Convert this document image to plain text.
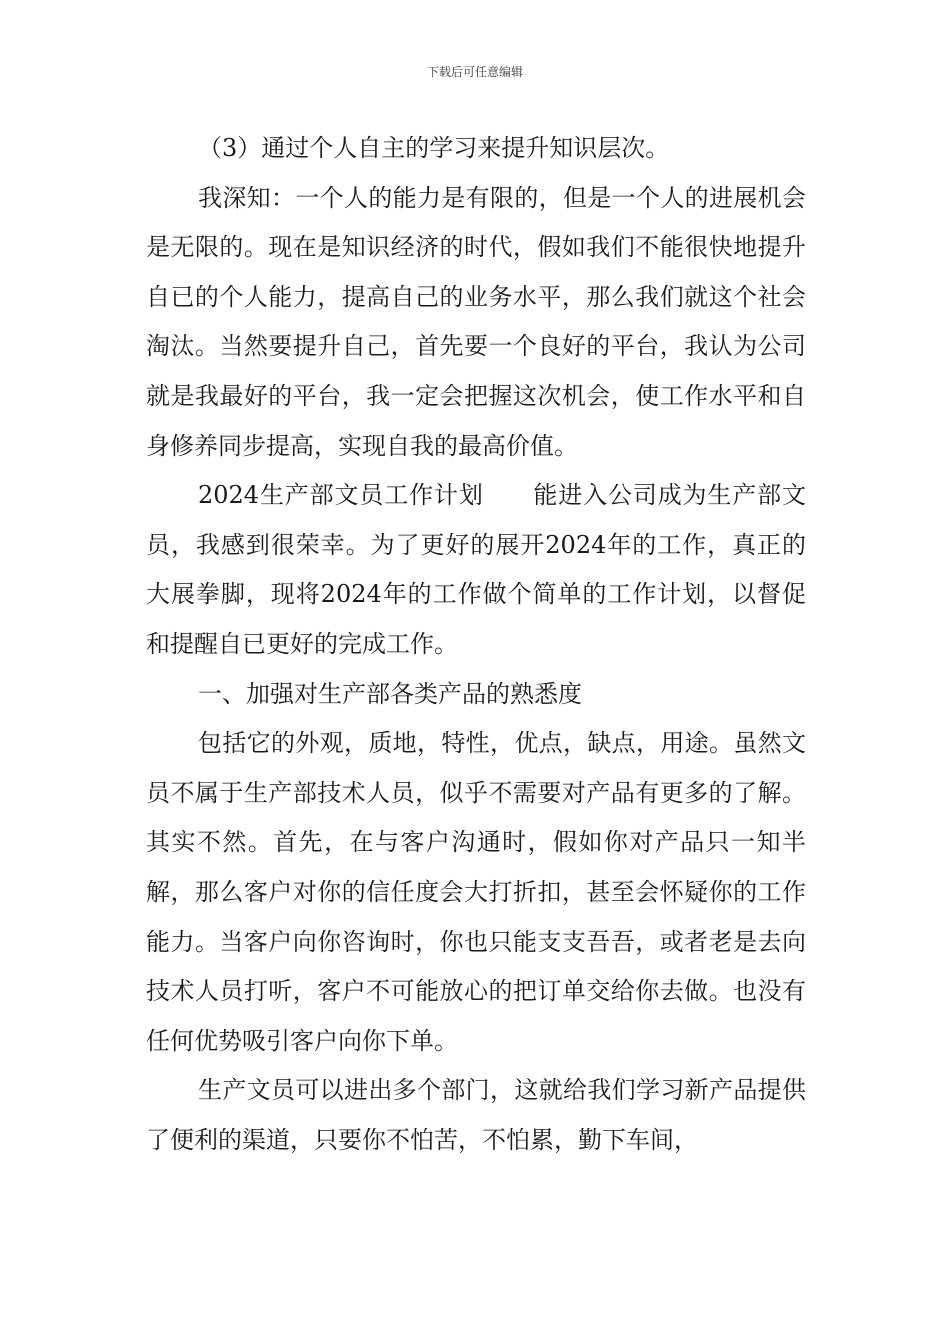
下载后可任意编辑

（3）通过个人自主的学习来提升知识层次。

我深知：一个人的能力是有限的，但是一个人的进展机会是无限的。现在是知识经济的时代，假如我们不能很快地提升自已的个人能力，提高自己的业务水平，那么我们就这个社会淘汰。当然要提升自己，首先要一个良好的平台，我认为公司就是我最好的平台，我一定会把握这次机会，使工作水平和自身修养同步提高，实现自我的最高价值。

2024生产部文员工作计划　　能进入公司成为生产部文员，我感到很荣幸。为了更好的展开2024年的工作，真正的大展拳脚，现将2024年的工作做个简单的工作计划，以督促和提醒自已更好的完成工作。

一、加强对生产部各类产品的熟悉度

包括它的外观，质地，特性，优点，缺点，用途。虽然文员不属于生产部技术人员，似乎不需要对产品有更多的了解。其实不然。首先，在与客户沟通时，假如你对产品只一知半解，那么客户对你的信任度会大打折扣，甚至会怀疑你的工作能力。当客户向你咨询时，你也只能支支吾吾，或者老是去向技术人员打听，客户不可能放心的把订单交给你去做。也没有任何优势吸引客户向你下单。

生产文员可以进出多个部门，这就给我们学习新产品提供了便利的渠道，只要你不怕苦，不怕累，勤下车间，
